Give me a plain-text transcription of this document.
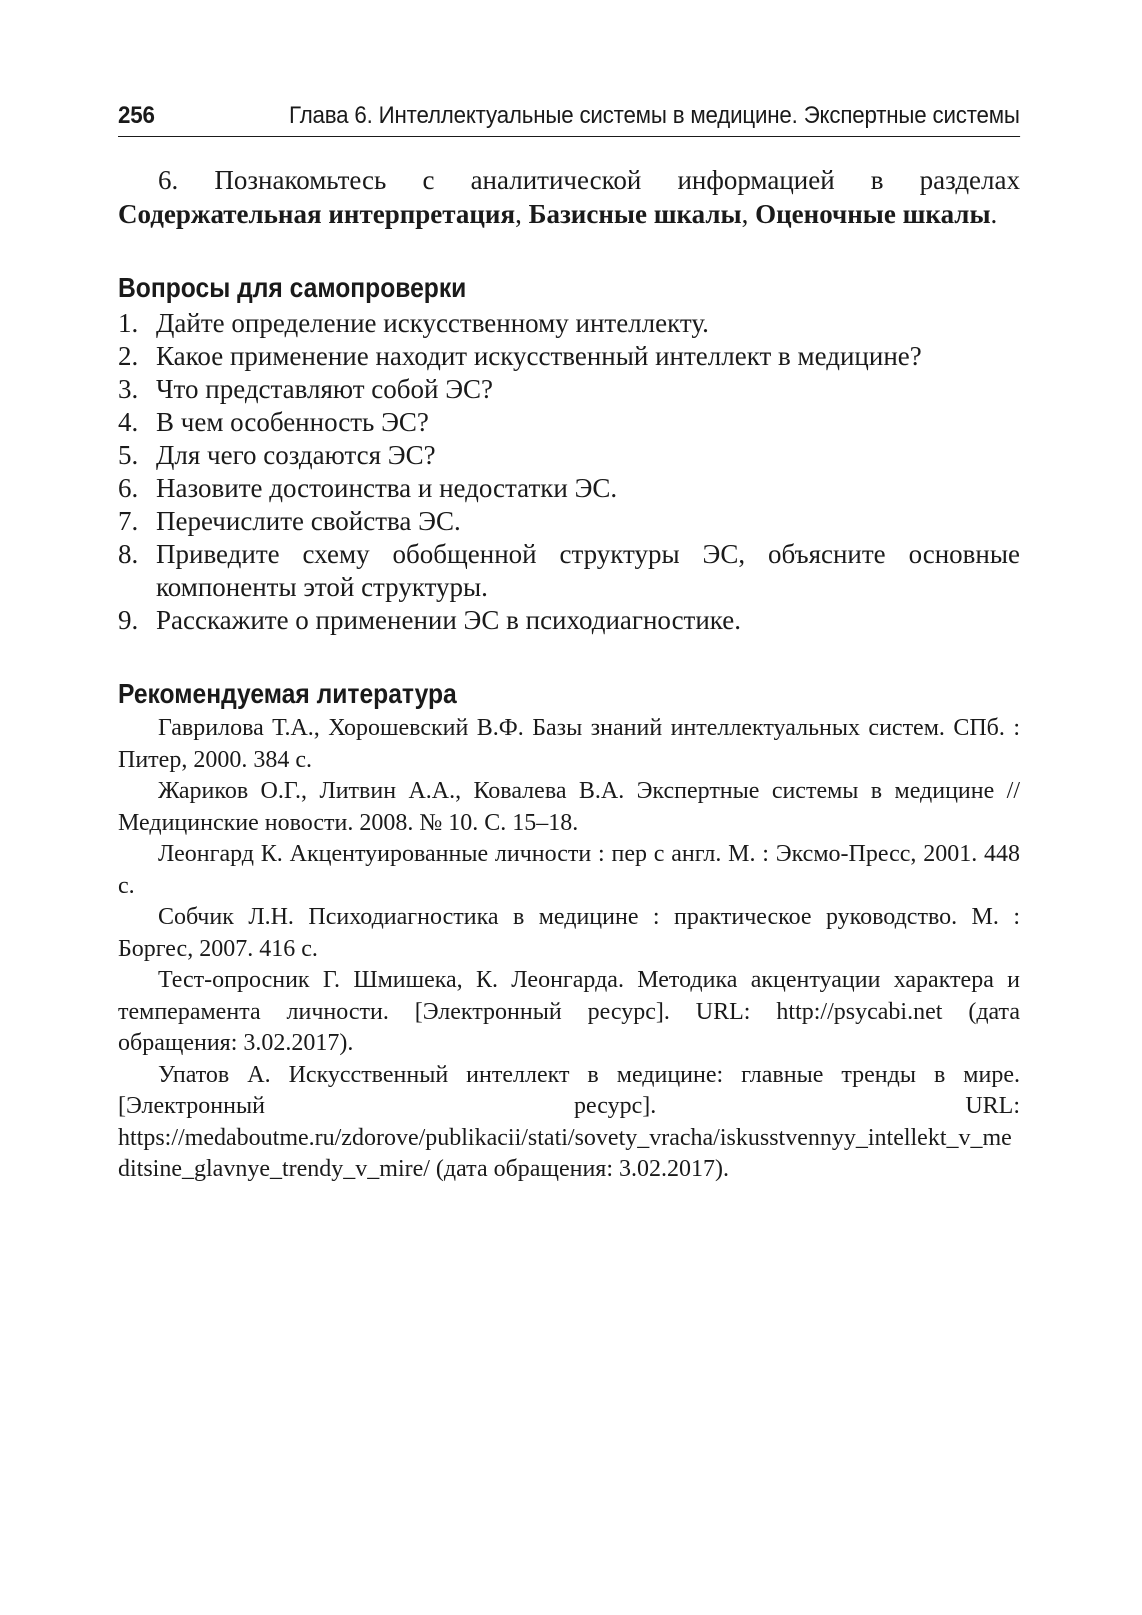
256	Глава 6. Интеллектуальные системы в медицине. Экспертные системы

6. Познакомьтесь с аналитической информацией в разделах Содержательная интерпретация, Базисные шкалы, Оценочные шкалы.

Вопросы для самопроверки
1. Дайте определение искусственному интеллекту.
2. Какое применение находит искусственный интеллект в медицине?
3. Что представляют собой ЭС?
4. В чем особенность ЭС?
5. Для чего создаются ЭС?
6. Назовите достоинства и недостатки ЭС.
7. Перечислите свойства ЭС.
8. Приведите схему обобщенной структуры ЭС, объясните основные компоненты этой структуры.
9. Расскажите о применении ЭС в психодиагностике.
Рекомендуемая литература

Гаврилова Т.А., Хорошевский В.Ф. Базы знаний интеллектуальных систем. СПб. : Питер, 2000. 384 с.

Жариков О.Г., Литвин А.А., Ковалева В.А. Экспертные системы в медицине // Медицинские новости. 2008. № 10. С. 15–18.

Леонгард К. Акцентуированные личности : пер с англ. М. : Эксмо-Пресс, 2001. 448 с.

Собчик Л.Н. Психодиагностика в медицине : практическое руководство. М. : Боргес, 2007. 416 с.

Тест-опросник Г. Шмишека, К. Леонгарда. Методика акцентуации характера и темперамента личности. [Электронный ресурс]. URL: http://psycabi.net (дата обращения: 3.02.2017).

Упатов А. Искусственный интеллект в медицине: главные тренды в мире. [Электронный ресурс]. URL: https://medaboutme.ru/zdorove/publikacii/stati/sovety_vracha/iskusstvennyy_intellekt_v_meditsine_glavnye_trendy_v_mire/ (дата обращения: 3.02.2017).
